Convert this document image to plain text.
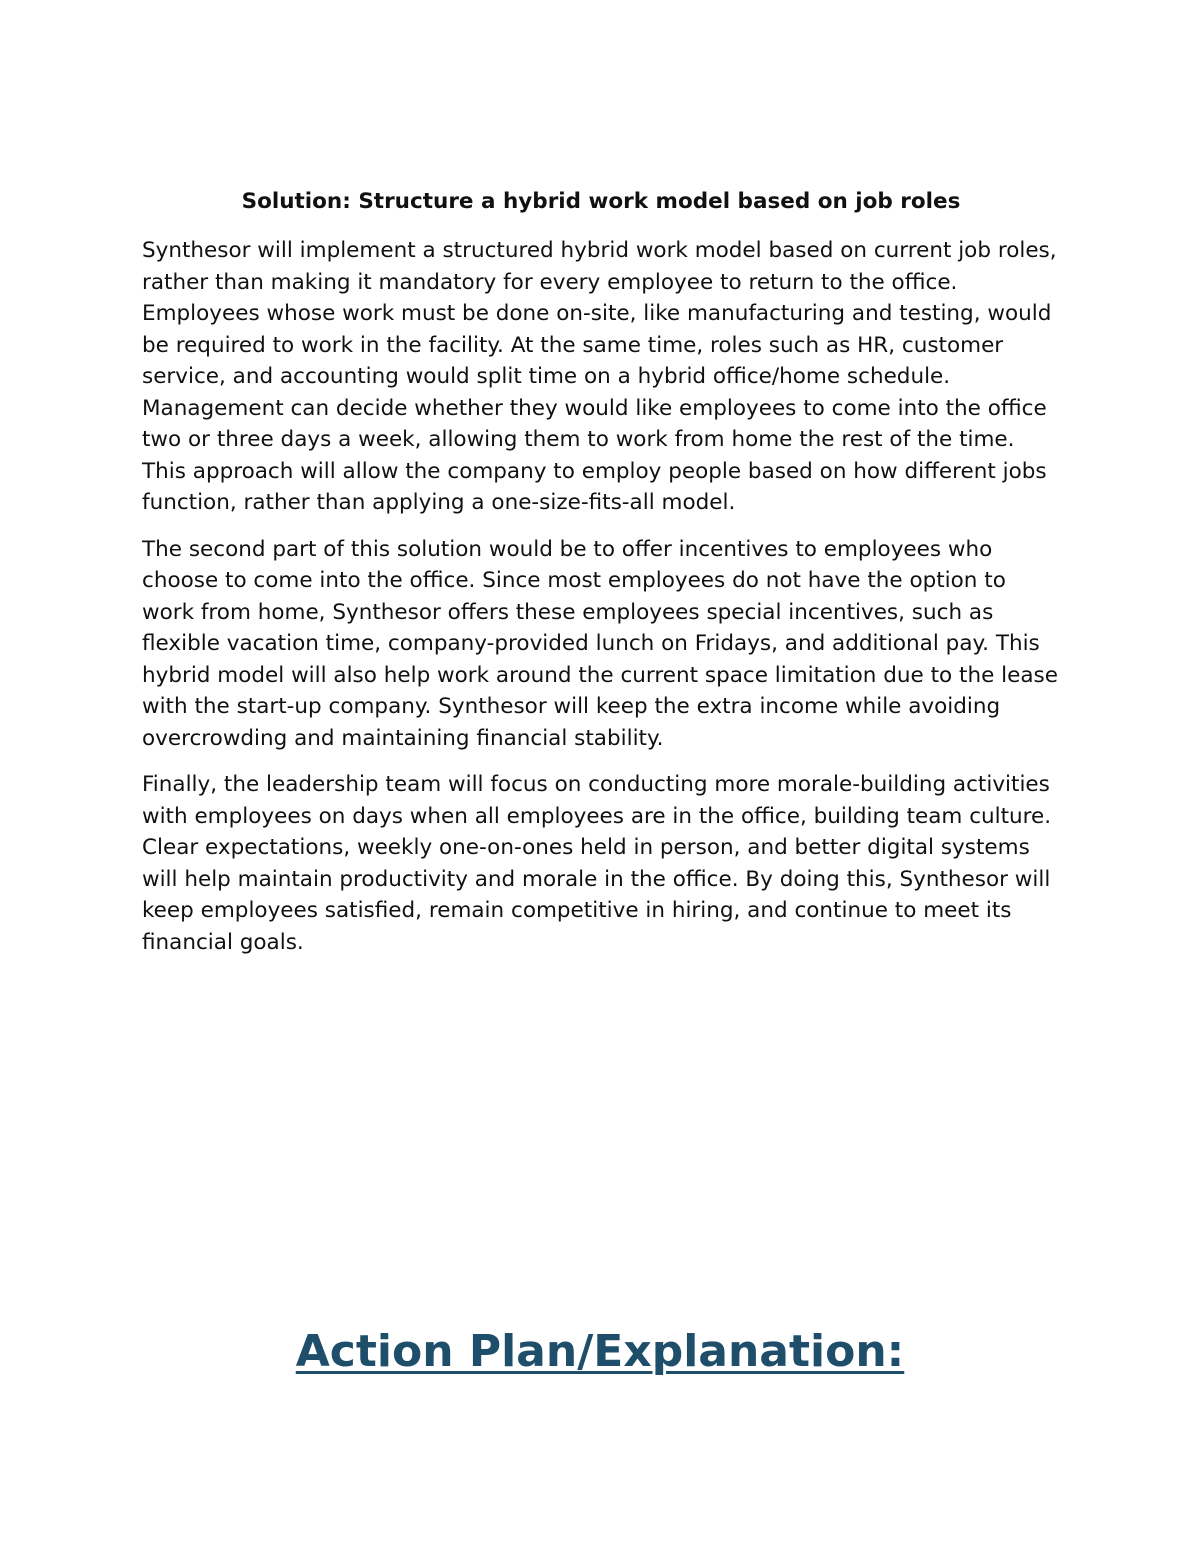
Solution: Structure a hybrid work model based on job roles

Synthesor will implement a structured hybrid work model based on current job roles, rather than making it mandatory for every employee to return to the office. Employees whose work must be done on-site, like manufacturing and testing, would be required to work in the facility. At the same time, roles such as HR, customer service, and accounting would split time on a hybrid office/home schedule. Management can decide whether they would like employees to come into the office two or three days a week, allowing them to work from home the rest of the time. This approach will allow the company to employ people based on how different jobs function, rather than applying a one-size-fits-all model.

The second part of this solution would be to offer incentives to employees who choose to come into the office. Since most employees do not have the option to work from home, Synthesor offers these employees special incentives, such as flexible vacation time, company-provided lunch on Fridays, and additional pay. This hybrid model will also help work around the current space limitation due to the lease with the start-up company. Synthesor will keep the extra income while avoiding overcrowding and maintaining financial stability.

Finally, the leadership team will focus on conducting more morale-building activities with employees on days when all employees are in the office, building team culture. Clear expectations, weekly one-on-ones held in person, and better digital systems will help maintain productivity and morale in the office. By doing this, Synthesor will keep employees satisfied, remain competitive in hiring, and continue to meet its financial goals.

Action Plan/Explanation:
